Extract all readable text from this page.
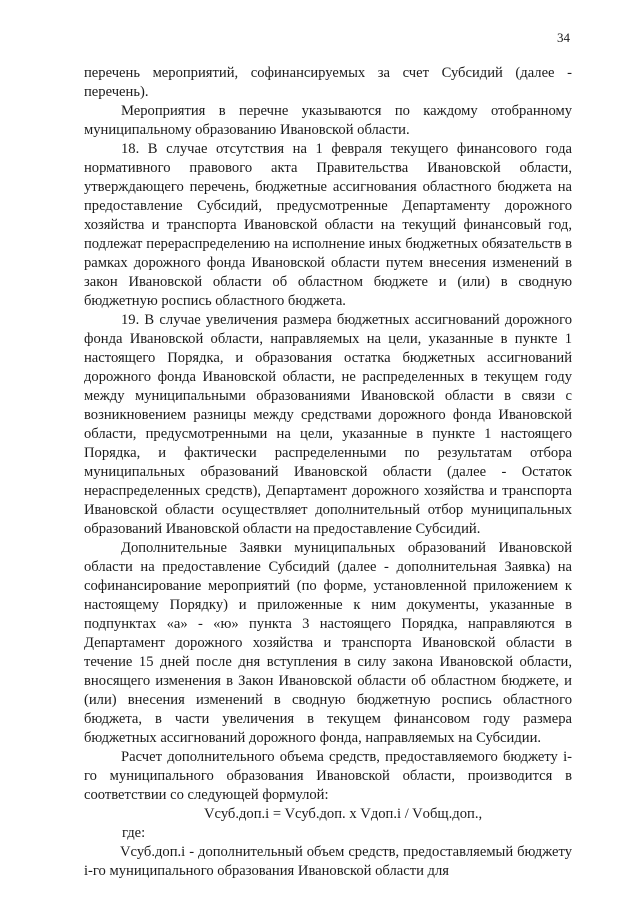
34

перечень мероприятий, софинансируемых за счет Субсидий (далее - перечень).

Мероприятия в перечне указываются по каждому отобранному муниципальному образованию Ивановской области.

18. В случае отсутствия на 1 февраля текущего финансового года нормативного правового акта Правительства Ивановской области, утверждающего перечень, бюджетные ассигнования областного бюджета на предоставление Субсидий, предусмотренные Департаменту дорожного хозяйства и транспорта Ивановской области на текущий финансовый год, подлежат перераспределению на исполнение иных бюджетных обязательств в рамках дорожного фонда Ивановской области путем внесения изменений в закон Ивановской области об областном бюджете и (или) в сводную бюджетную роспись областного бюджета.

19. В случае увеличения размера бюджетных ассигнований дорожного фонда Ивановской области, направляемых на цели, указанные в пункте 1 настоящего Порядка, и образования остатка бюджетных ассигнований дорожного фонда Ивановской области, не распределенных в текущем году между муниципальными образованиями Ивановской области в связи с возникновением разницы между средствами дорожного фонда Ивановской области, предусмотренными на цели, указанные в пункте 1 настоящего Порядка, и фактически распределенными по результатам отбора муниципальных образований Ивановской области (далее - Остаток нераспределенных средств), Департамент дорожного хозяйства и транспорта Ивановской области осуществляет дополнительный отбор муниципальных образований Ивановской области на предоставление Субсидий.

Дополнительные Заявки муниципальных образований Ивановской области на предоставление Субсидий (далее - дополнительная Заявка) на софинансирование мероприятий (по форме, установленной приложением к настоящему Порядку) и приложенные к ним документы, указанные в подпунктах «а» - «ю» пункта 3 настоящего Порядка, направляются в Департамент дорожного хозяйства и транспорта Ивановской области в течение 15 дней после дня вступления в силу закона Ивановской области, вносящего изменения в Закон Ивановской области об областном бюджете, и (или) внесения изменений в сводную бюджетную роспись областного бюджета, в части увеличения в текущем финансовом году размера бюджетных ассигнований дорожного фонда, направляемых на Субсидии.

Расчет дополнительного объема средств, предоставляемого бюджету i-го муниципального образования Ивановской области, производится в соответствии со следующей формулой:

Vсуб.доп.i = Vсуб.доп. х Vдоп.i / Vобщ.доп.,

где:

Vсуб.доп.i - дополнительный объем средств, предоставляемый бюджету i-го муниципального образования Ивановской области для
